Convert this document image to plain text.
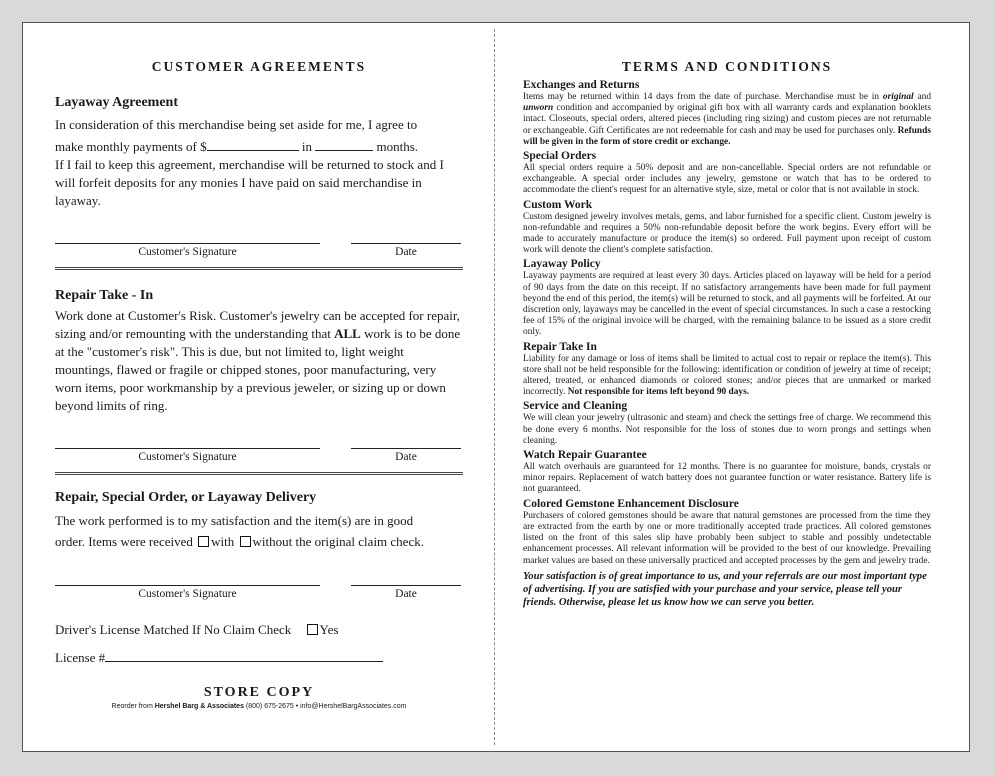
CUSTOMER AGREEMENTS

Layaway Agreement

In consideration of this merchandise being set aside for me, I agree to
make monthly payments of $	in	months.
If I fail to keep this agreement, merchandise will be returned to stock and I will forfeit deposits for any monies I have paid on said merchandise in layaway.

Customer's Signature	Date

Repair Take - In

Work done at Customer's Risk. Customer's jewelry can be accepted for repair, sizing and/or remounting with the understanding that ALL work is to be done at the "customer's risk". This is due, but not limited to, light weight mountings, flawed or fragile or chipped stones, poor manufacturing, very worn items, poor workmanship by a previous jeweler, or sizing up or down beyond limits of ring.

Customer's Signature	Date

Repair, Special Order, or Layaway Delivery

The work performed is to my satisfaction and the item(s) are in good
order. Items were received with without the original claim check.

Customer's Signature	Date

Driver's License Matched If No Claim Check Yes

License #

STORE COPY

Reorder from Hershel Barg & Associates (800) 675-2675 • info@HershelBargAssociates.com

TERMS AND CONDITIONS

Exchanges and Returns

Items may be returned within 14 days from the date of purchase. Merchandise must be in original and unworn condition and accompanied by original gift box with all warranty cards and explanation booklets intact. Closeouts, special orders, altered pieces (including ring sizing) and custom pieces are not returnable or exchangeable. Gift Certificates are not redeemable for cash and may be used for purchases only. Refunds will be given in the form of store credit or exchange.

Special Orders

All special orders require a 50% deposit and are non-cancellable. Special orders are not refundable or exchangeable. A special order includes any jewelry, gemstone or watch that has to be ordered to accommodate the client's request for an alternative style, size, metal or color that is not available in stock.

Custom Work

Custom designed jewelry involves metals, gems, and labor furnished for a specific client. Custom jewelry is non-refundable and requires a 50% non-refundable deposit before the work begins. Every effort will be made to accurately manufacture or produce the item(s) so ordered. Full payment upon receipt of custom work will denote the client's complete satisfaction.

Layaway Policy

Layaway payments are required at least every 30 days. Articles placed on layaway will be held for a period of 90 days from the date on this receipt. If no satisfactory arrangements have been made for full payment beyond the end of this period, the item(s) will be returned to stock, and all payments will be forfeited. At our discretion only, layaways may be cancelled in the event of special circumstances. In such a case a restocking fee of 15% of the original invoice will be charged, with the remaining balance to be issued as a store credit only.

Repair Take In

Liability for any damage or loss of items shall be limited to actual cost to repair or replace the item(s). This store shall not be held responsible for the following: identification or condition of jewelry at time of receipt; altered, treated, or enhanced diamonds or colored stones; and/or pieces that are unmarked or marked incorrectly. Not responsible for items left beyond 90 days.

Service and Cleaning

We will clean your jewelry (ultrasonic and steam) and check the settings free of charge. We recommend this be done every 6 months. Not responsible for the loss of stones due to worn prongs and settings when cleaning.

Watch Repair Guarantee

All watch overhauls are guaranteed for 12 months. There is no guarantee for moisture, bands, crystals or minor repairs. Replacement of watch battery does not guarantee function or water resistance. Battery life is not guaranteed.

Colored Gemstone Enhancement Disclosure

Purchasers of colored gemstones should be aware that natural gemstones are processed from the time they are extracted from the earth by one or more traditionally accepted trade practices. All colored gemstones listed on the front of this sales slip have probably been subject to stable and possibly undetectable enhancement processes. All relevant information will be provided to the best of our knowledge. Prevailing market values are based on these universally practiced and accepted processes by the gem and jewelry trade.

Your satisfaction is of great importance to us, and your referrals are our most important type of advertising. If you are satisfied with your purchase and your service, please tell your friends. Otherwise, please let us know how we can serve you better.
